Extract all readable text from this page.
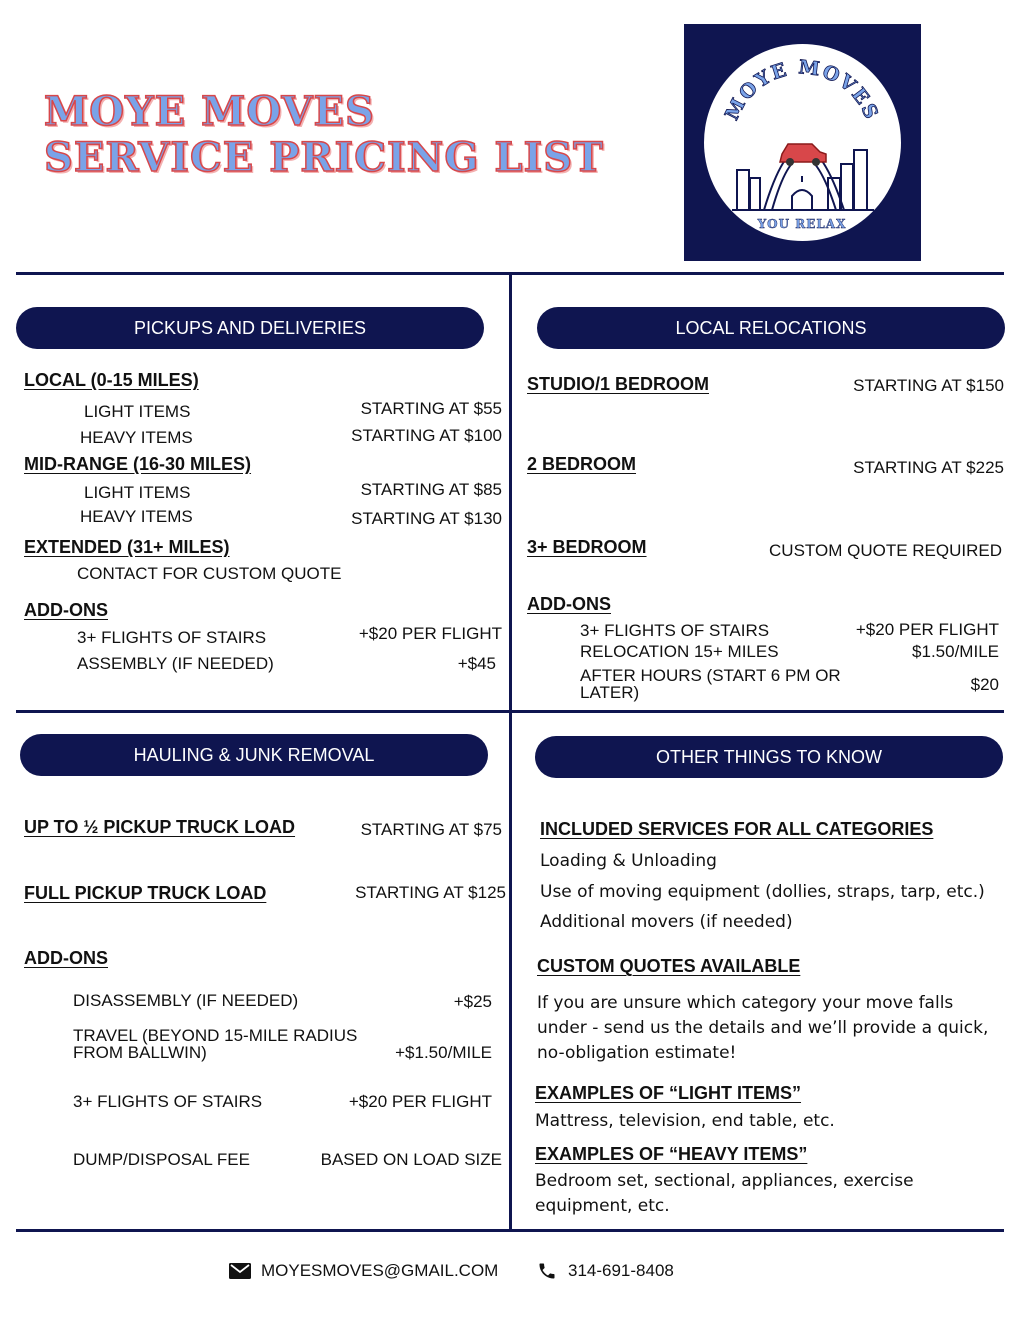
MOYE MOVES
SERVICE PRICING LIST
MOYE MOVES
YOU RELAX
PICKUPS AND DELIVERIES
LOCAL (0-15 MILES)
LIGHT ITEMS	STARTING AT $55
HEAVY ITEMS	STARTING AT $100
MID-RANGE (16-30 MILES)
LIGHT ITEMS	STARTING AT $85
HEAVY ITEMS	STARTING AT $130
EXTENDED (31+ MILES)
CONTACT FOR CUSTOM QUOTE
ADD-ONS
3+ FLIGHTS OF STAIRS	+$20 PER FLIGHT
ASSEMBLY (IF NEEDED)	+$45
LOCAL RELOCATIONS
STUDIO/1 BEDROOM	STARTING AT $150
2 BEDROOM	STARTING AT $225
3+ BEDROOM	CUSTOM QUOTE REQUIRED
ADD-ONS
3+ FLIGHTS OF STAIRS	+$20 PER FLIGHT
RELOCATION 15+ MILES	$1.50/MILE
AFTER HOURS (START 6 PM OR LATER)	$20
HAULING & JUNK REMOVAL
UP TO ½ PICKUP TRUCK LOAD	STARTING AT $75
FULL PICKUP TRUCK LOAD	STARTING AT $125
ADD-ONS
DISASSEMBLY (IF NEEDED)	+$25
TRAVEL (BEYOND 15-MILE RADIUS FROM BALLWIN)	+$1.50/MILE
3+ FLIGHTS OF STAIRS	+$20 PER FLIGHT
DUMP/DISPOSAL FEE	BASED ON LOAD SIZE
OTHER THINGS TO KNOW
INCLUDED SERVICES FOR ALL CATEGORIES
Loading & Unloading
Use of moving equipment (dollies, straps, tarp, etc.)
Additional movers (if needed)
CUSTOM QUOTES AVAILABLE
If you are unsure which category your move falls under - send us the details and we’ll provide a quick, no-obligation estimate!
EXAMPLES OF “LIGHT ITEMS”
Mattress, television, end table, etc.
EXAMPLES OF “HEAVY ITEMS”
Bedroom set, sectional, appliances, exercise equipment, etc.
MOYESMOVES@GMAIL.COM	314-691-8408
